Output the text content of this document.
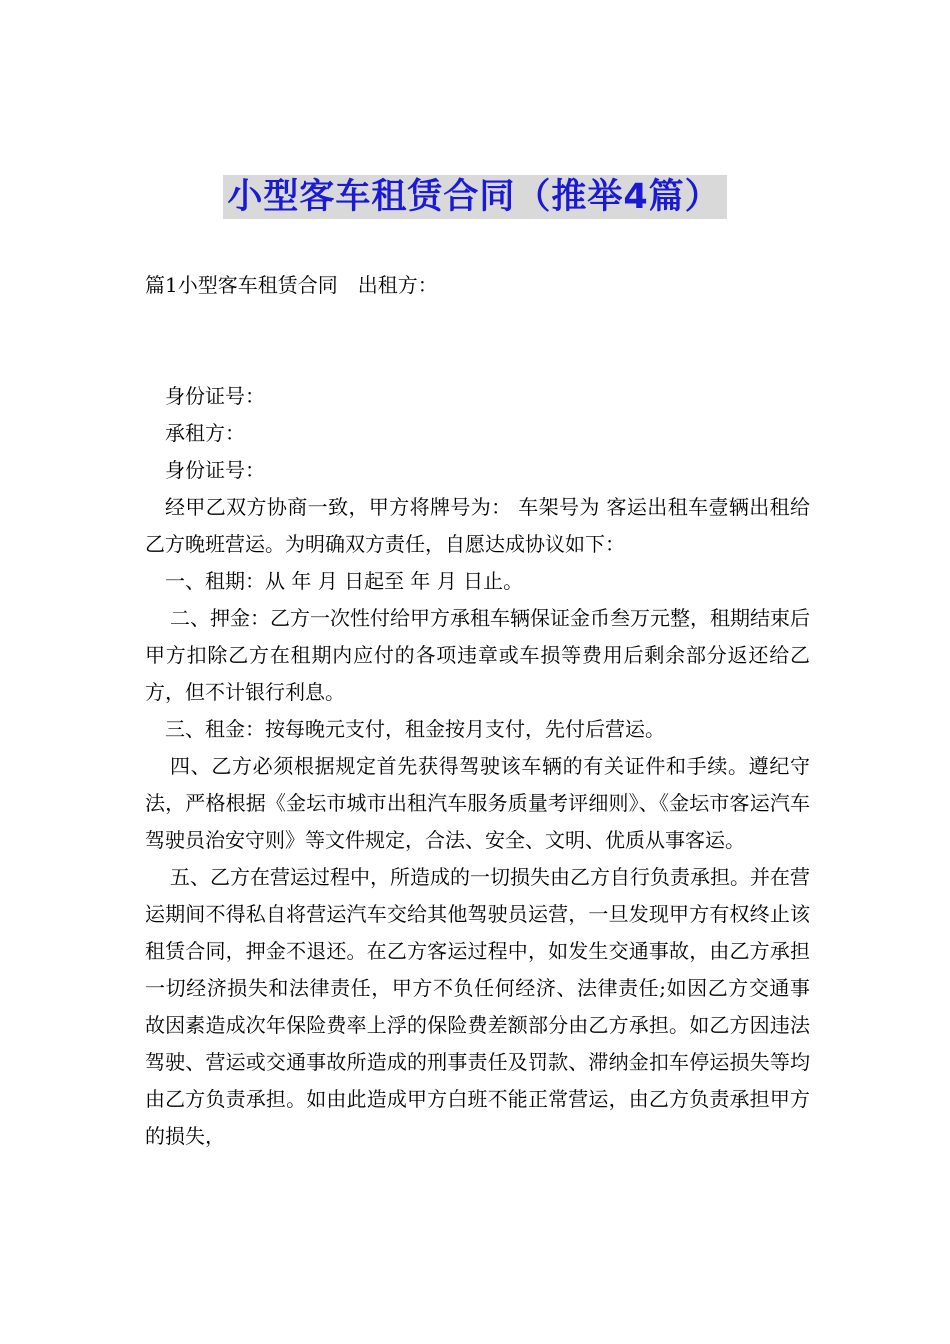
小型客车租赁合同（推举4篇）
篇1小型客车租赁合同　出租方：

身份证号：

承租方：

身份证号：

经甲乙双方协商一致，甲方将牌号为： 车架号为 客运出租车壹辆出租给乙方晚班营运。为明确双方责任，自愿达成协议如下：

一、租期：从 年 月 日起至 年 月 日止。

二、押金：乙方一次性付给甲方承租车辆保证金币叁万元整，租期结束后甲方扣除乙方在租期内应付的各项违章或车损等费用后剩余部分返还给乙方，但不计银行利息。

三、租金：按每晚元支付，租金按月支付，先付后营运。

四、乙方必须根据规定首先获得驾驶该车辆的有关证件和手续。遵纪守法，严格根据《金坛市城市出租汽车服务质量考评细则》、《金坛市客运汽车驾驶员治安守则》等文件规定，合法、安全、文明、优质从事客运。

五、乙方在营运过程中，所造成的一切损失由乙方自行负责承担。并在营运期间不得私自将营运汽车交给其他驾驶员运营，一旦发现甲方有权终止该租赁合同，押金不退还。在乙方客运过程中，如发生交通事故，由乙方承担一切经济损失和法律责任，甲方不负任何经济、法律责任;如因乙方交通事故因素造成次年保险费率上浮的保险费差额部分由乙方承担。如乙方因违法驾驶、营运或交通事故所造成的刑事责任及罚款、滞纳金扣车停运损失等均由乙方负责承担。如由此造成甲方白班不能正常营运，由乙方负责承担甲方的损失，
